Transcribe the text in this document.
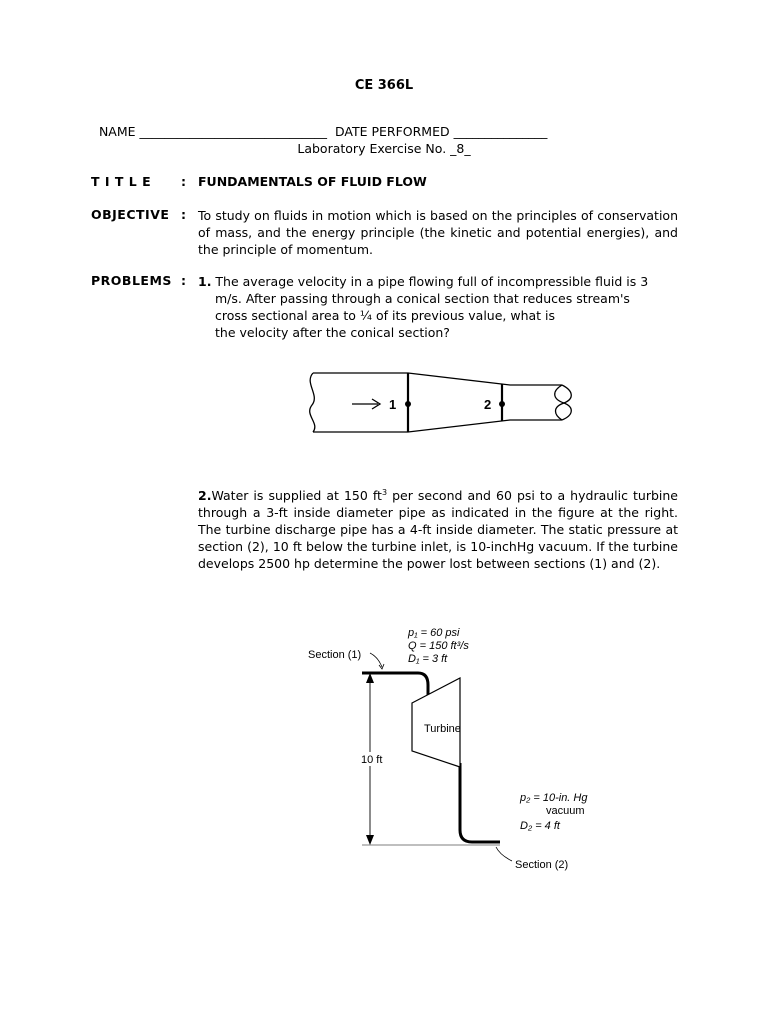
CE 366L

NAME ______________________________ DATE PERFORMED _______________

Laboratory Exercise No. _8_
T I T L E : FUNDAMENTALS OF FLUID FLOW
OBJECTIVE : To study on fluids in motion which is based on the principles of conservation of mass, and the energy principle (the kinetic and potential energies), and the principle of momentum.
PROBLEMS : 1. The average velocity in a pipe flowing full of incompressible fluid is 3
m/s. After passing through a conical section that reduces stream's
cross sectional area to ¼ of its previous value, what is
the velocity after the conical section?
1	2
2.Water is supplied at 150 $ft^3$ per second and 60 psi to a hydraulic turbine through a 3-ft inside diameter pipe as indicated in the figure at the right. The turbine discharge pipe has a 4-ft inside diameter. The static pressure at section (2), 10 ft below the turbine inlet, is 10-inchHg vacuum. If the turbine develops 2500 hp determine the power lost between sections (1) and (2).
Turbine
10 ft
Section (1)
Section (2)
p₁ = 60 psi
Q = 150 ft³/s
D₁ = 3 ft
p₂ = 10-in. Hg
vacuum
D₂ = 4 ft
